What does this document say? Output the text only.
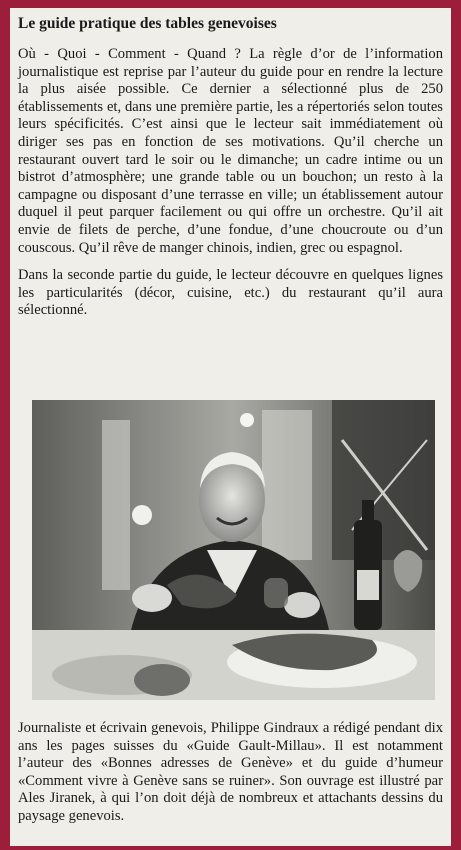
Le guide pratique des tables genevoises

Où - Quoi - Comment - Quand ? La règle d’or de l’information journalistique est reprise par l’auteur du guide pour en rendre la lecture la plus aisée possible. Ce dernier a sélectionné plus de 250 établissements et, dans une première partie, les a répertoriés selon toutes leurs spécificités. C’est ainsi que le lecteur sait immédiatement où diriger ses pas en fonction de ses motivations. Qu’il cherche un restaurant ouvert tard le soir ou le dimanche; un cadre intime ou un bistrot d’atmosphère; une grande table ou un bouchon; un resto à la campagne ou disposant d’une terrasse en ville; un établissement autour duquel il peut parquer facilement ou qui offre un orchestre. Qu’il ait envie de filets de perche, d’une fondue, d’une choucroute ou d’un couscous. Qu’il rêve de manger chinois, indien, grec ou espagnol.

Dans la seconde partie du guide, le lecteur découvre en quelques lignes les particularités (décor, cuisine, etc.) du restaurant qu’il aura sélectionné.

Journaliste et écrivain genevois, Philippe Gindraux a rédigé pendant dix ans les pages suisses du «Guide Gault-Millau». Il est notamment l’auteur des «Bonnes adresses de Genève» et du guide d’humeur «Comment vivre à Genève sans se ruiner». Son ouvrage est illustré par Ales Jiranek, à qui l’on doit déjà de nombreux et attachants dessins du paysage genevois.
